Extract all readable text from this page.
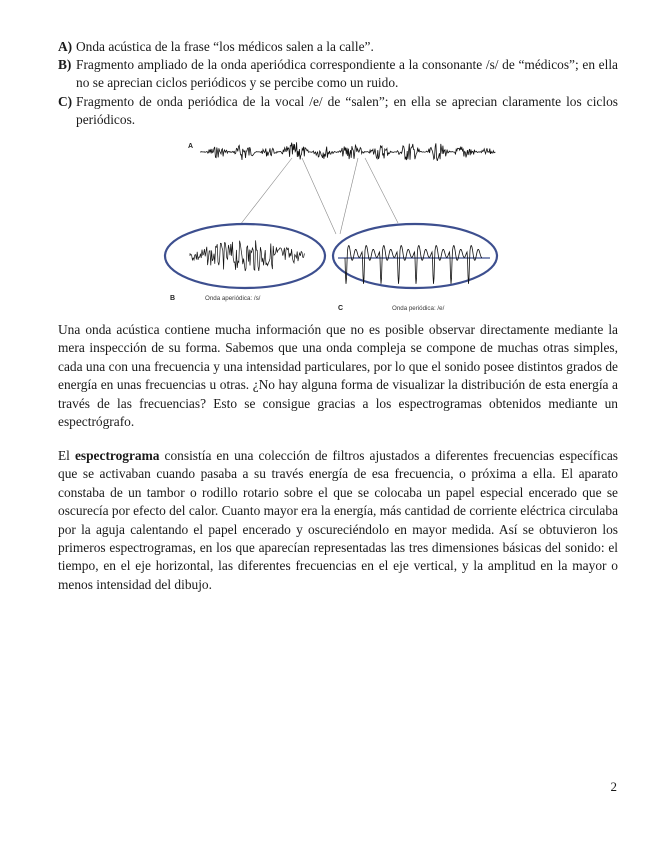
A) Onda acústica de la frase “los médicos salen a la calle”.
B) Fragmento ampliado de la onda aperiódica correspondiente a la consonante /s/ de “médicos”; en ella no se aprecian ciclos periódicos y se percibe como un ruido.
C) Fragmento de onda periódica de la vocal /e/ de “salen”; en ella se aprecian claramente los ciclos periódicos.
A
B	Onda aperiódica: /s/
C	Onda periódica: /e/

Una onda acústica contiene mucha información que no es posible observar directamente mediante la mera inspección de su forma. Sabemos que una onda compleja se compone de muchas otras simples, cada una con una frecuencia y una intensidad particulares, por lo que el sonido posee distintos grados de energía en unas frecuencias u otras. ¿No hay alguna forma de visualizar la distribución de esta energía a través de las frecuencias? Esto se consigue gracias a los espectrogramas obtenidos mediante un espectrógrafo.

El espectrograma consistía en una colección de filtros ajustados a diferentes frecuencias específicas que se activaban cuando pasaba a su través energía de esa frecuencia, o próxima a ella. El aparato constaba de un tambor o rodillo rotario sobre el que se colocaba un papel especial encerado que se oscurecía por efecto del calor. Cuanto mayor era la energía, más cantidad de corriente eléctrica circulaba por la aguja calentando el papel encerado y oscureciéndolo en mayor medida. Así se obtuvieron los primeros espectrogramas, en los que aparecían representadas las tres dimensiones básicas del sonido: el tiempo, en el eje horizontal, las diferentes frecuencias en el eje vertical, y la amplitud en la mayor o menos intensidad del dibujo.

2
